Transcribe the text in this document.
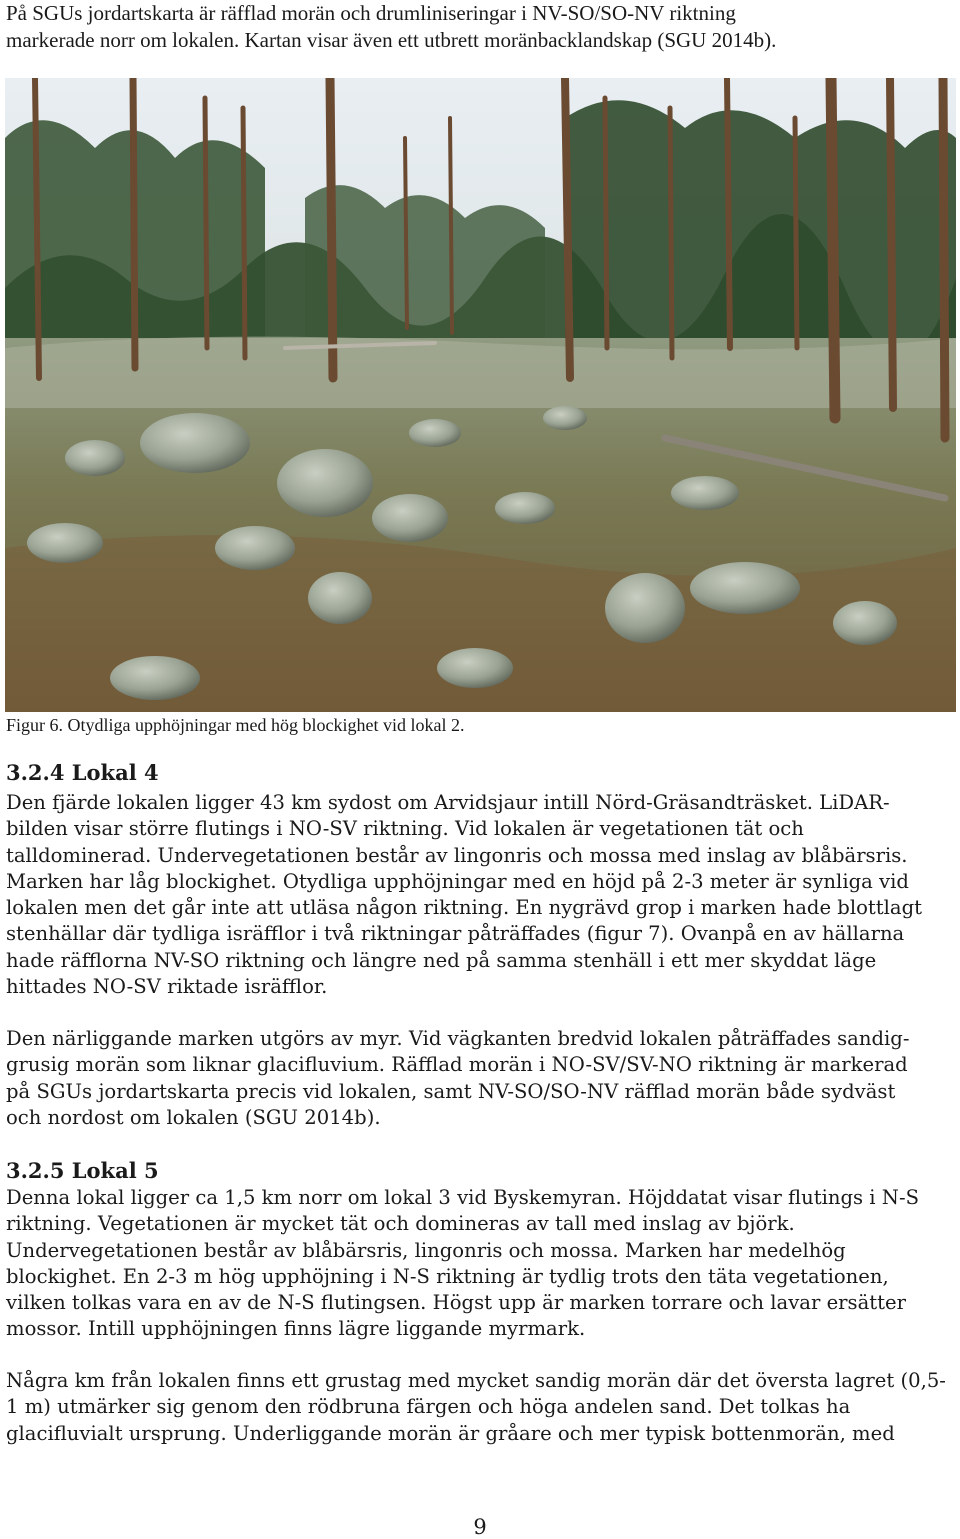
På SGUs jordartskarta är räfflad morän och drumliniseringar i NV-SO/SO-NV riktning

markerade norr om lokalen. Kartan visar även ett utbrett moränbacklandskap (SGU 2014b).

Figur 6. Otydliga upphöjningar med hög blockighet vid lokal 2.
3.2.4 Lokal 4

Den fjärde lokalen ligger 43 km sydost om Arvidsjaur intill Nörd-Gräsandträsket. LiDAR-

bilden visar större flutings i NO-SV riktning. Vid lokalen är vegetationen tät och

talldominerad. Undervegetationen består av lingonris och mossa med inslag av blåbärsris.

Marken har låg blockighet. Otydliga upphöjningar med en höjd på 2-3 meter är synliga vid

lokalen men det går inte att utläsa någon riktning. En nygrävd grop i marken hade blottlagt

stenhällar där tydliga isräfflor i två riktningar påträffades (figur 7). Ovanpå en av hällarna

hade räfflorna NV-SO riktning och längre ned på samma stenhäll i ett mer skyddat läge

hittades NO-SV riktade isräfflor.

Den närliggande marken utgörs av myr. Vid vägkanten bredvid lokalen påträffades sandig-

grusig morän som liknar glacifluvium. Räfflad morän i NO-SV/SV-NO riktning är markerad

på SGUs jordartskarta precis vid lokalen, samt NV-SO/SO-NV räfflad morän både sydväst

och nordost om lokalen (SGU 2014b).

3.2.5 Lokal 5

Denna lokal ligger ca 1,5 km norr om lokal 3 vid Byskemyran. Höjddatat visar flutings i N-S

riktning. Vegetationen är mycket tät och domineras av tall med inslag av björk.

Undervegetationen består av blåbärsris, lingonris och mossa. Marken har medelhög

blockighet. En 2-3 m hög upphöjning i N-S riktning är tydlig trots den täta vegetationen,

vilken tolkas vara en av de N-S flutingsen. Högst upp är marken torrare och lavar ersätter

mossor. Intill upphöjningen finns lägre liggande myrmark.

Några km från lokalen finns ett grustag med mycket sandig morän där det översta lagret (0,5-

1 m) utmärker sig genom den rödbruna färgen och höga andelen sand. Det tolkas ha

glacifluvialt ursprung. Underliggande morän är gråare och mer typisk bottenmorän, med

9
